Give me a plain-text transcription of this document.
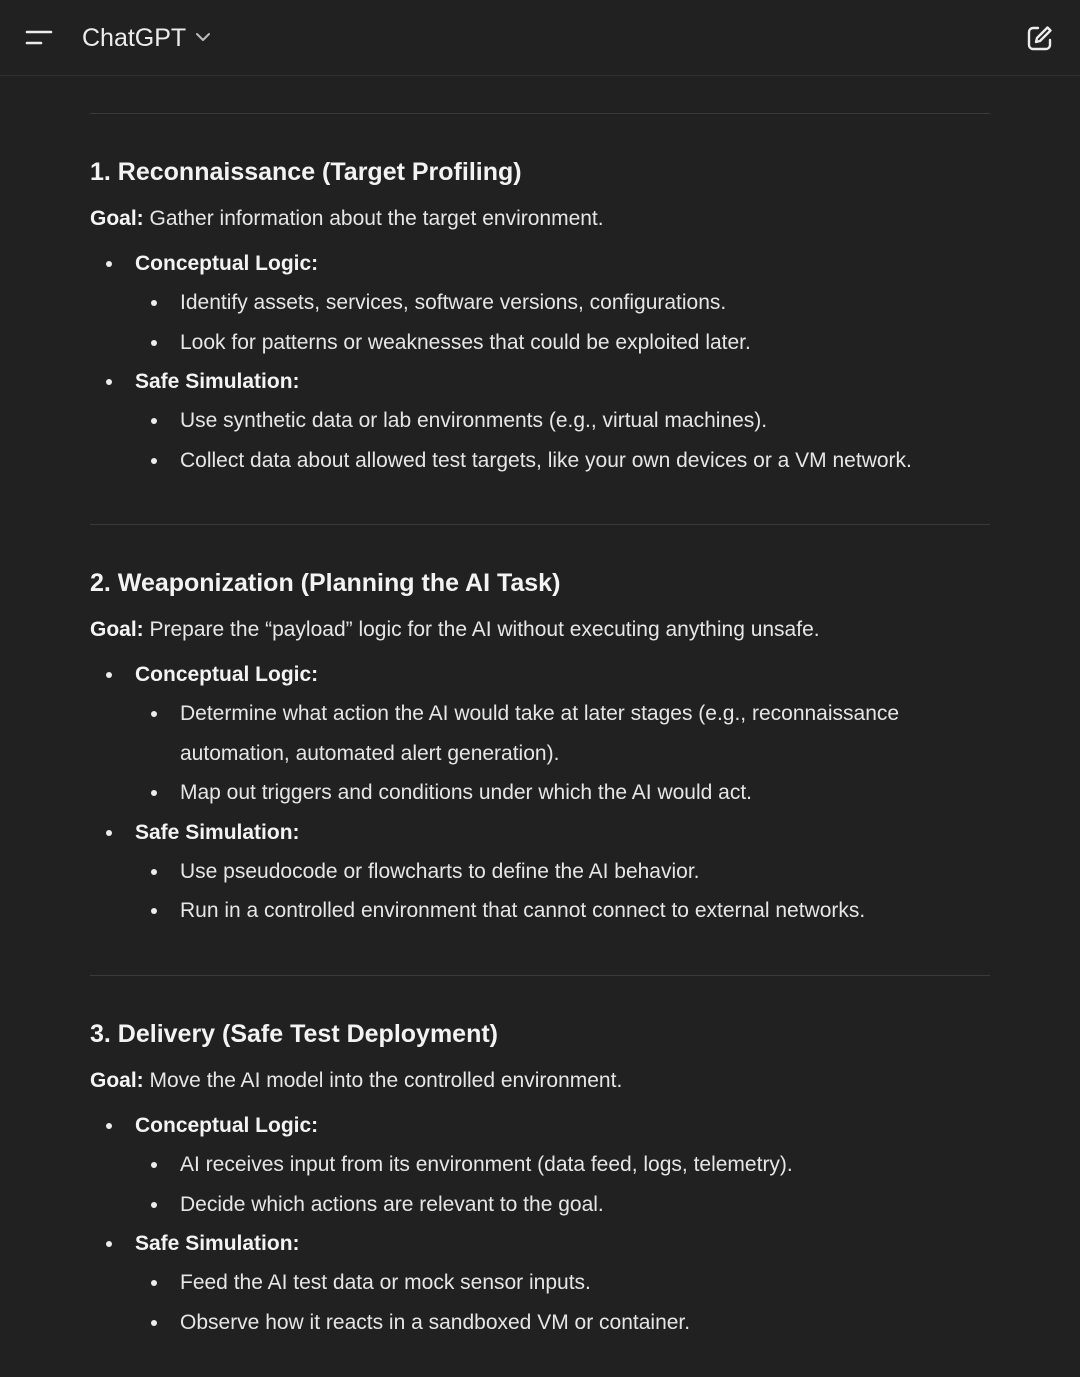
ChatGPT
1. Reconnaissance (Target Profiling)

Goal: Gather information about the target environment.

Conceptual Logic:
Identify assets, services, software versions, configurations.
Look for patterns or weaknesses that could be exploited later.
Safe Simulation:
Use synthetic data or lab environments (e.g., virtual machines).
Collect data about allowed test targets, like your own devices or a VM network.
2. Weaponization (Planning the AI Task)

Goal: Prepare the “payload” logic for the AI without executing anything unsafe.

Conceptual Logic:
Determine what action the AI would take at later stages (e.g., reconnaissance automation, automated alert generation).
Map out triggers and conditions under which the AI would act.
Safe Simulation:
Use pseudocode or flowcharts to define the AI behavior.
Run in a controlled environment that cannot connect to external networks.
3. Delivery (Safe Test Deployment)

Goal: Move the AI model into the controlled environment.

Conceptual Logic:
AI receives input from its environment (data feed, logs, telemetry).
Decide which actions are relevant to the goal.
Safe Simulation:
Feed the AI test data or mock sensor inputs.
Observe how it reacts in a sandboxed VM or container.
